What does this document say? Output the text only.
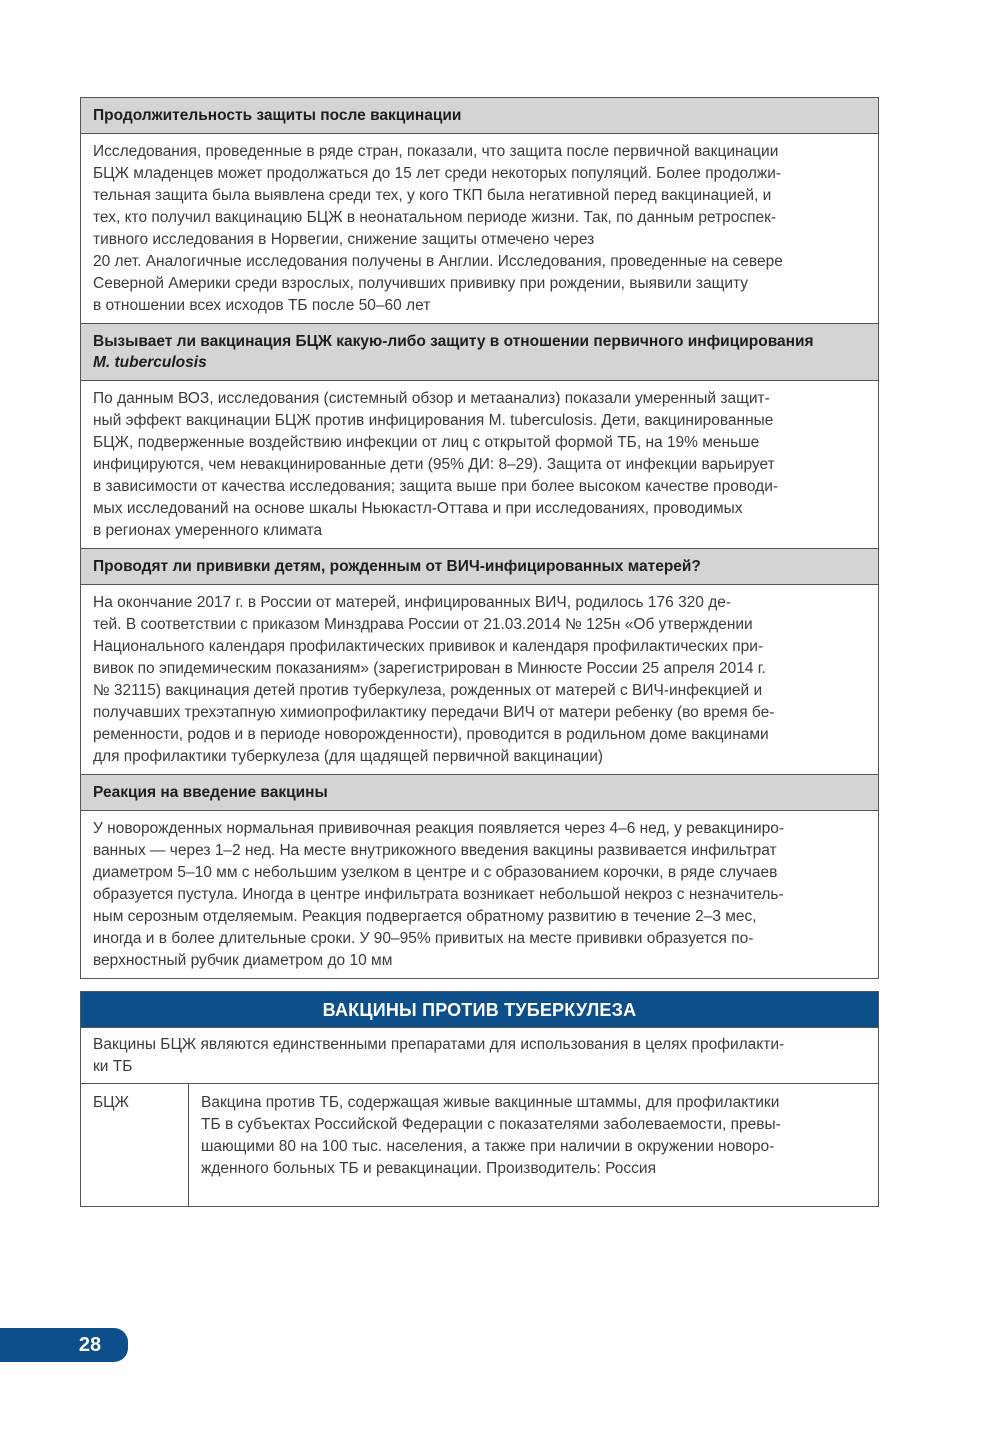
Продолжительность защиты после вакцинации
Исследования, проведенные в ряде стран, показали, что защита после первичной вакцинации
БЦЖ младенцев может продолжаться до 15 лет среди некоторых популяций. Более продолжи-
тельная защита была выявлена среди тех, у кого ТКП была негативной перед вакцинацией, и
тех, кто получил вакцинацию БЦЖ в неонатальном периоде жизни. Так, по данным ретроспек-
тивного исследования в Норвегии, снижение защиты отмечено через
20 лет. Аналогичные исследования получены в Англии. Исследования, проведенные на севере
Северной Америки среди взрослых, получивших прививку при рождении, выявили защиту
в отношении всех исходов ТБ после 50–60 лет
Вызывает ли вакцинация БЦЖ какую-либо защиту в отношении первичного инфицирования
M. tuberculosis
По данным ВОЗ, исследования (системный обзор и метаанализ) показали умеренный защит-
ный эффект вакцинации БЦЖ против инфицирования M. tuberculosis. Дети, вакцинированные
БЦЖ, подверженные воздействию инфекции от лиц с открытой формой ТБ, на 19% меньше
инфицируются, чем невакцинированные дети (95% ДИ: 8–29). Защита от инфекции варьирует
в зависимости от качества исследования; защита выше при более высоком качестве проводи-
мых исследований на основе шкалы Ньюкастл-Оттава и при исследованиях, проводимых
в регионах умеренного климата
Проводят ли прививки детям, рожденным от ВИЧ-инфицированных матерей?
На окончание 2017 г. в России от матерей, инфицированных ВИЧ, родилось 176 320 де-
тей. В соответствии с приказом Минздрава России от 21.03.2014 № 125н «Об утверждении
Национального календаря профилактических прививок и календаря профилактических при-
вивок по эпидемическим показаниям» (зарегистрирован в Минюсте России 25 апреля 2014 г.
№ 32115) вакцинация детей против туберкулеза, рожденных от матерей с ВИЧ-инфекцией и
получавших трехэтапную химиопрофилактику передачи ВИЧ от матери ребенку (во время бе-
ременности, родов и в периоде новорожденности), проводится в родильном доме вакцинами
для профилактики туберкулеза (для щадящей первичной вакцинации)
Реакция на введение вакцины
У новорожденных нормальная прививочная реакция появляется через 4–6 нед, у ревакциниро-
ванных — через 1–2 нед. На месте внутрикожного введения вакцины развивается инфильтрат
диаметром 5–10 мм с небольшим узелком в центре и с образованием корочки, в ряде случаев
образуется пустула. Иногда в центре инфильтрата возникает небольшой некроз с незначитель-
ным серозным отделяемым. Реакция подвергается обратному развитию в течение 2–3 мес,
иногда и в более длительные сроки. У 90–95% привитых на месте прививки образуется по-
верхностный рубчик диаметром до 10 мм
ВАКЦИНЫ ПРОТИВ ТУБЕРКУЛЕЗА
Вакцины БЦЖ являются единственными препаратами для использования в целях профилакти-
ки ТБ
БЦЖ	Вакцина против ТБ, содержащая живые вакцинные штаммы, для профилактики
ТБ в субъектах Российской Федерации с показателями заболеваемости, превы-
шающими 80 на 100 тыс. населения, а также при наличии в окружении новоро-
жденного больных ТБ и ревакцинации. Производитель: Россия
28
